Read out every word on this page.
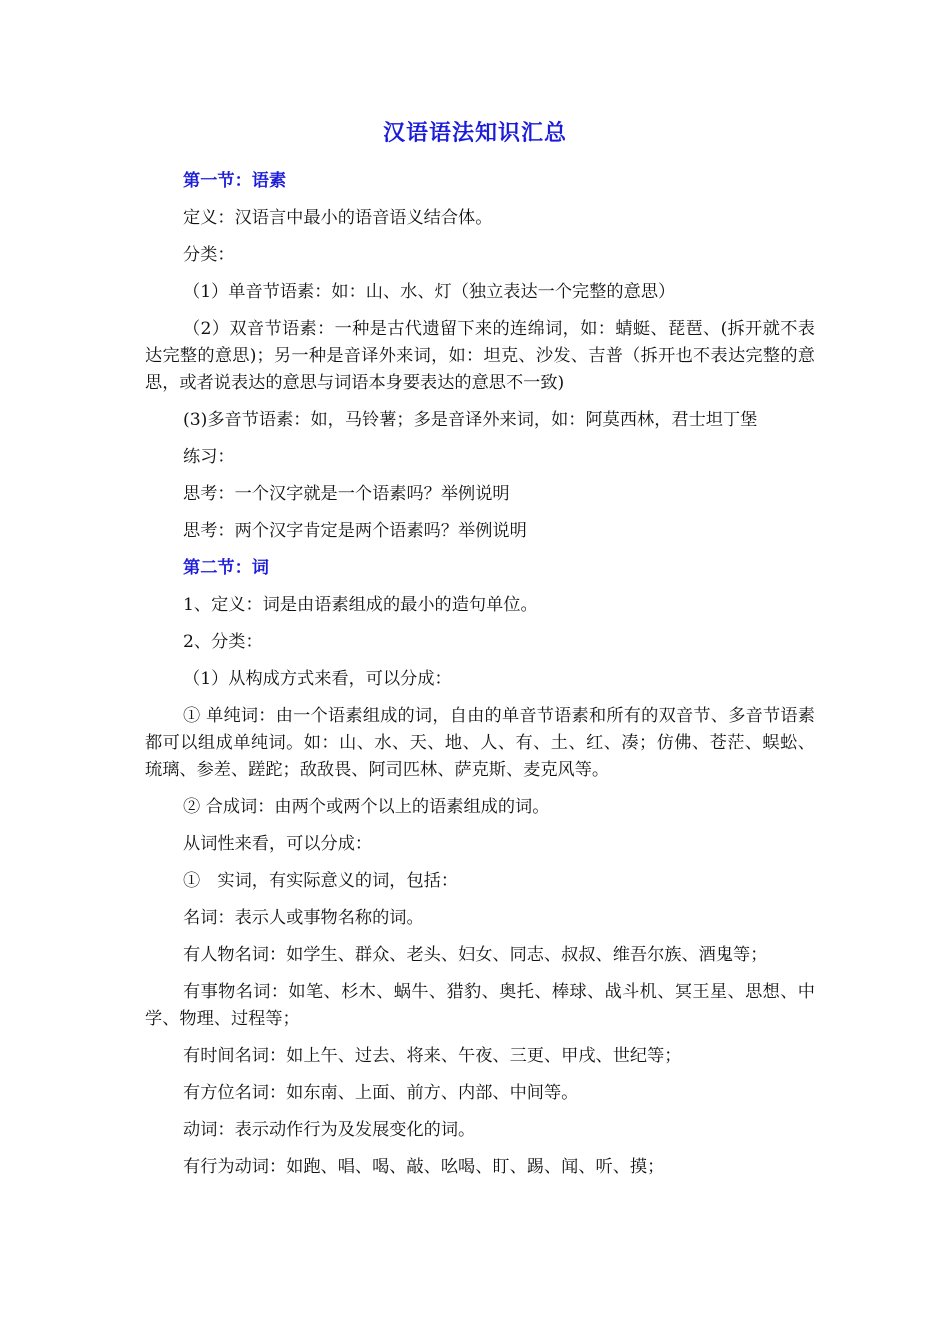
汉语语法知识汇总

第一节：语素

定义：汉语言中最小的语音语义结合体。

分类：

（1）单音节语素：如：山、水、灯（独立表达一个完整的意思）

（2）双音节语素：一种是古代遗留下来的连绵词，如：蜻蜓、琵琶、(拆开就不表达完整的意思)；另一种是音译外来词，如：坦克、沙发、吉普（拆开也不表达完整的意思，或者说表达的意思与词语本身要表达的意思不一致)

(3)多音节语素：如，马铃薯；多是音译外来词，如：阿莫西林，君士坦丁堡

练习：

思考：一个汉字就是一个语素吗？举例说明

思考：两个汉字肯定是两个语素吗？举例说明

第二节：词

1、定义：词是由语素组成的最小的造句单位。

2、分类：

（1）从构成方式来看，可以分成：

① 单纯词：由一个语素组成的词，自由的单音节语素和所有的双音节、多音节语素都可以组成单纯词。如：山、水、天、地、人、有、土、红、凑；仿佛、苍茫、蜈蚣、琉璃、参差、蹉跎；敌敌畏、阿司匹林、萨克斯、麦克风等。

② 合成词：由两个或两个以上的语素组成的词。

从词性来看，可以分成：

①　实词，有实际意义的词，包括：

名词：表示人或事物名称的词。

有人物名词：如学生、群众、老头、妇女、同志、叔叔、维吾尔族、酒鬼等；

有事物名词：如笔、杉木、蜗牛、猎豹、奥托、棒球、战斗机、冥王星、思想、中学、物理、过程等；

有时间名词：如上午、过去、将来、午夜、三更、甲戌、世纪等；

有方位名词：如东南、上面、前方、内部、中间等。

动词：表示动作行为及发展变化的词。

有行为动词：如跑、唱、喝、敲、吆喝、盯、踢、闻、听、摸；
